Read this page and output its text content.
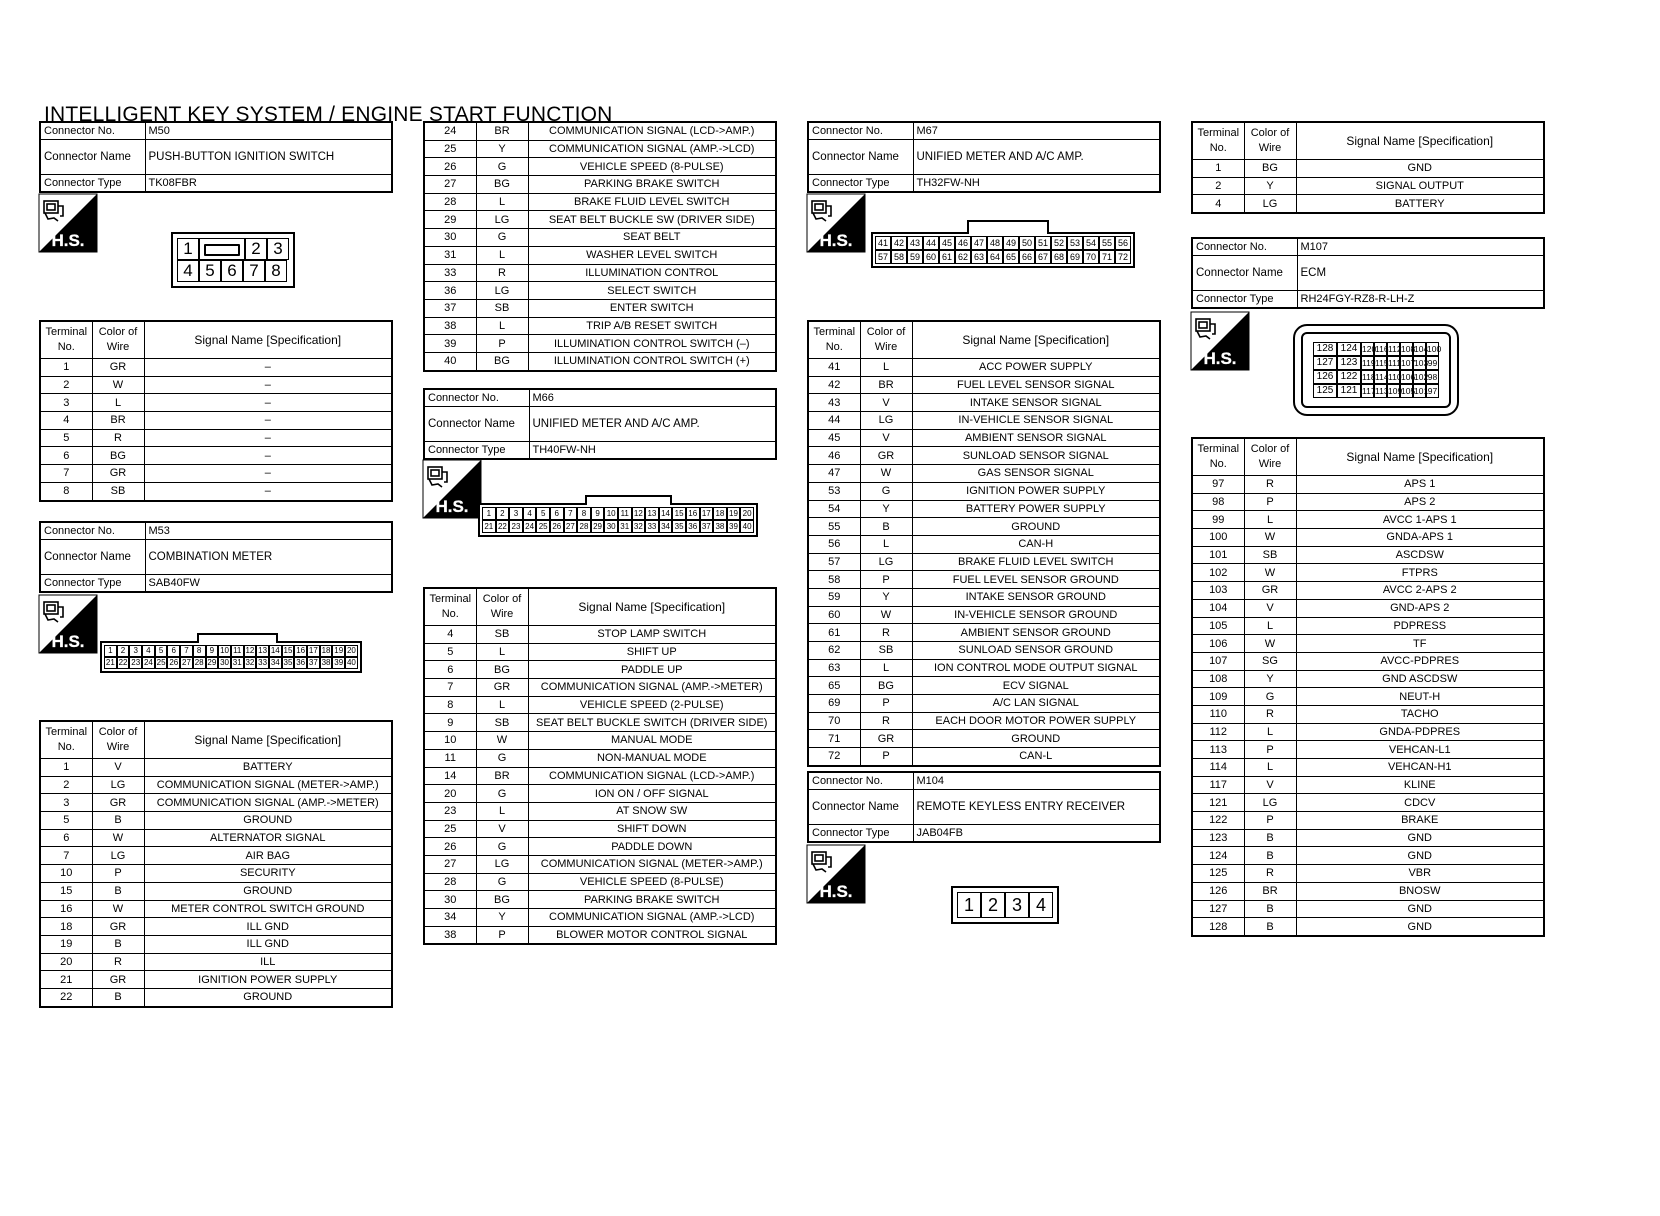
INTELLIGENT KEY SYSTEM / ENGINE START FUNCTION
Connector No.	M50
Connector Name	PUSH-BUTTON IGNITION SWITCH
Connector Type	TK08FBR
H.S.	1	2 3
4 5 6 7 8
Terminal No.	Color of Wire	Signal Name [Specification]
1	GR	–
2	W	–
3	L	–
4	BR	–
5	R	–
6	BG	–
7	GR	–
8	SB	–
Connector No.	M53
Connector Name	COMBINATION METER
Connector Type	SAB40FW
H.S.	1	2	3	4	5	6	7	8	9 10 11 12 13 14 15 16 17 18 19 20
21 22 23 24 25 26 27 28 29 30 31 32 33 34 35 36 37 38 39 40
Terminal No.	Color of Wire	Signal Name [Specification]
1	V	BATTERY
2	LG	COMMUNICATION SIGNAL (METER->AMP.)
3	GR	COMMUNICATION SIGNAL (AMP.->METER)
5	B	GROUND
6	W	ALTERNATOR SIGNAL
7	LG	AIR BAG
10	P	SECURITY
15	B	GROUND
16	W	METER CONTROL SWITCH GROUND
18	GR	ILL GND
19	B	ILL GND
20	R	ILL
21	GR	IGNITION POWER SUPPLY
22	B	GROUND
24	BR	COMMUNICATION SIGNAL (LCD->AMP.)
25	Y	COMMUNICATION SIGNAL (AMP.->LCD)
26	G	VEHICLE SPEED (8-PULSE)
27	BG	PARKING BRAKE SWITCH
28	L	BRAKE FLUID LEVEL SWITCH
29	LG	SEAT BELT BUCKLE SW (DRIVER SIDE)
30	G	SEAT BELT
31	L	WASHER LEVEL SWITCH
33	R	ILLUMINATION CONTROL
36	LG	SELECT SWITCH
37	SB	ENTER SWITCH
38	L	TRIP A/B RESET SWITCH
39	P	ILLUMINATION CONTROL SWITCH (–)
40	BG	ILLUMINATION CONTROL SWITCH (+)
Connector No.	M66
Connector Name	UNIFIED METER AND A/C AMP.
Connector Type	TH40FW-NH
H.S.	1	2	3	4	5	6	7	8	9 10 11 12 13 14 15 16 17 18 19 20
21 22 23 24 25 26 27 28 29 30 31 32 33 34 35 36 37 38 39 40
Terminal No.	Color of Wire	Signal Name [Specification]
4	SB	STOP LAMP SWITCH
5	L	SHIFT UP
6	BG	PADDLE UP
7	GR	COMMUNICATION SIGNAL (AMP.->METER)
8	L	VEHICLE SPEED (2-PULSE)
9	SB	SEAT BELT BUCKLE SWITCH (DRIVER SIDE)
10	W	MANUAL MODE
11	G	NON-MANUAL MODE
14	BR	COMMUNICATION SIGNAL (LCD->AMP.)
20	G	ION ON / OFF SIGNAL
23	L	AT SNOW SW
25	V	SHIFT DOWN
26	G	PADDLE DOWN
27	LG	COMMUNICATION SIGNAL (METER->AMP.)
28	G	VEHICLE SPEED (8-PULSE)
30	BG	PARKING BRAKE SWITCH
34	Y	COMMUNICATION SIGNAL (AMP.->LCD)
38	P	BLOWER MOTOR CONTROL SIGNAL
Connector No.	M67
Connector Name	UNIFIED METER AND A/C AMP.
Connector Type	TH32FW-NH
H.S.	41 42 43 44 45 46 47 48 49 50 51 52 53 54 55 56
57 58 59 60 61 62 63 64 65 66 67 68 69 70 71 72
Terminal No.	Color of Wire	Signal Name [Specification]
41	L	ACC POWER SUPPLY
42	BR	FUEL LEVEL SENSOR SIGNAL
43	V	INTAKE SENSOR SIGNAL
44	LG	IN-VEHICLE SENSOR SIGNAL
45	V	AMBIENT SENSOR SIGNAL
46	GR	SUNLOAD SENSOR SIGNAL
47	W	GAS SENSOR SIGNAL
53	G	IGNITION POWER SUPPLY
54	Y	BATTERY POWER SUPPLY
55	B	GROUND
56	L	CAN-H
57	LG	BRAKE FLUID LEVEL SWITCH
58	P	FUEL LEVEL SENSOR GROUND
59	Y	INTAKE SENSOR GROUND
60	W	IN-VEHICLE SENSOR GROUND
61	R	AMBIENT SENSOR GROUND
62	SB	SUNLOAD SENSOR GROUND
63	L	ION CONTROL MODE OUTPUT SIGNAL
65	BG	ECV SIGNAL
69	P	A/C LAN SIGNAL
70	R	EACH DOOR MOTOR POWER SUPPLY
71	GR	GROUND
72	P	CAN-L
Connector No.	M104
Connector Name	REMOTE KEYLESS ENTRY RECEIVER
Connector Type	JAB04FB
H.S.
1 2 3 4
Terminal No.	Color of Wire	Signal Name [Specification]
1	BG	GND
2	Y	SIGNAL OUTPUT
4	LG	BATTERY
Connector No.	M107
Connector Name	ECM
Connector Type	RH24FGY-RZ8-R-LH-Z
H.S.
128 124 120
116 112 108
104
100
127 123 119 115 111 107
103 99
126 122 118 114 110 106
102 98
125 121 117 113 109
105
101 97
Terminal No.	Color of Wire	Signal Name [Specification]
97	R	APS 1
98	P	APS 2
99	L	AVCC 1-APS 1
100	W	GNDA-APS 1
101	SB	ASCDSW
102	W	FTPRS
103	GR	AVCC 2-APS 2
104	V	GND-APS 2
105	L	PDPRESS
106	W	TF
107	SG	AVCC-PDPRES
108	Y	GND ASCDSW
109	G	NEUT-H
110	R	TACHO
112	L	GNDA-PDPRES
113	P	VEHCAN-L1
114	L	VEHCAN-H1
117	V	KLINE
121	LG	CDCV
122	P	BRAKE
123	B	GND
124	B	GND
125	R	VBR
126	BR	BNOSW
127	B	GND
128	B	GND
